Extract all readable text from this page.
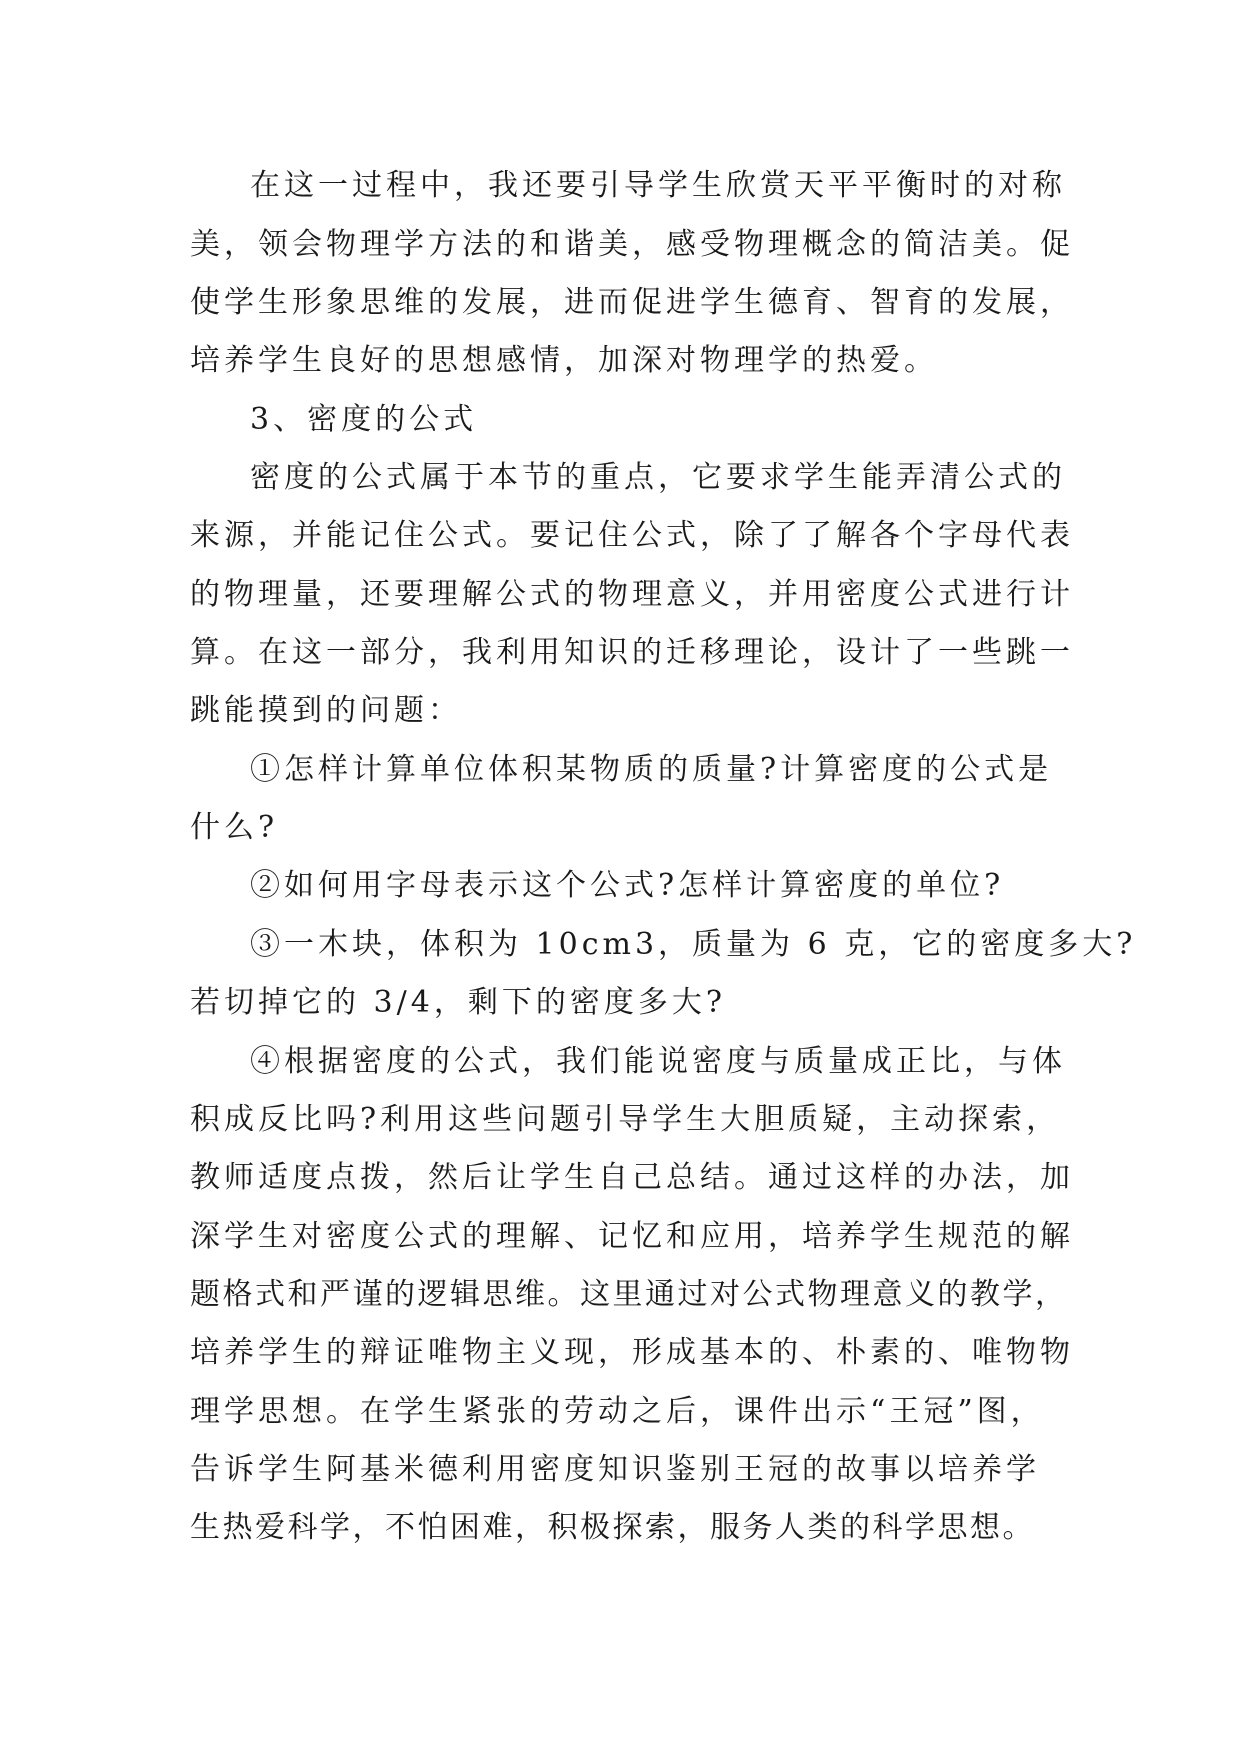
在这一过程中，我还要引导学生欣赏天平平衡时的对称
美，领会物理学方法的和谐美，感受物理概念的简洁美。促
使学生形象思维的发展，进而促进学生德育、智育的发展，
培养学生良好的思想感情，加深对物理学的热爱。
3、密度的公式
密度的公式属于本节的重点，它要求学生能弄清公式的
来源，并能记住公式。要记住公式，除了了解各个字母代表
的物理量，还要理解公式的物理意义，并用密度公式进行计
算。在这一部分，我利用知识的迁移理论，设计了一些跳一
跳能摸到的问题：
①怎样计算单位体积某物质的质量?计算密度的公式是
什么?
②如何用字母表示这个公式?怎样计算密度的单位?
③一木块，体积为 10cm3，质量为 6 克，它的密度多大?
若切掉它的 3/4，剩下的密度多大?
④根据密度的公式，我们能说密度与质量成正比，与体
积成反比吗?利用这些问题引导学生大胆质疑，主动探索，
教师适度点拨，然后让学生自己总结。通过这样的办法，加
深学生对密度公式的理解、记忆和应用，培养学生规范的解
题格式和严谨的逻辑思维。这里通过对公式物理意义的教学，
培养学生的辩证唯物主义现，形成基本的、朴素的、唯物物
理学思想。在学生紧张的劳动之后，课件出示“王冠”图，
告诉学生阿基米德利用密度知识鉴别王冠的故事以培养学
生热爱科学，不怕困难，积极探索，服务人类的科学思想。
